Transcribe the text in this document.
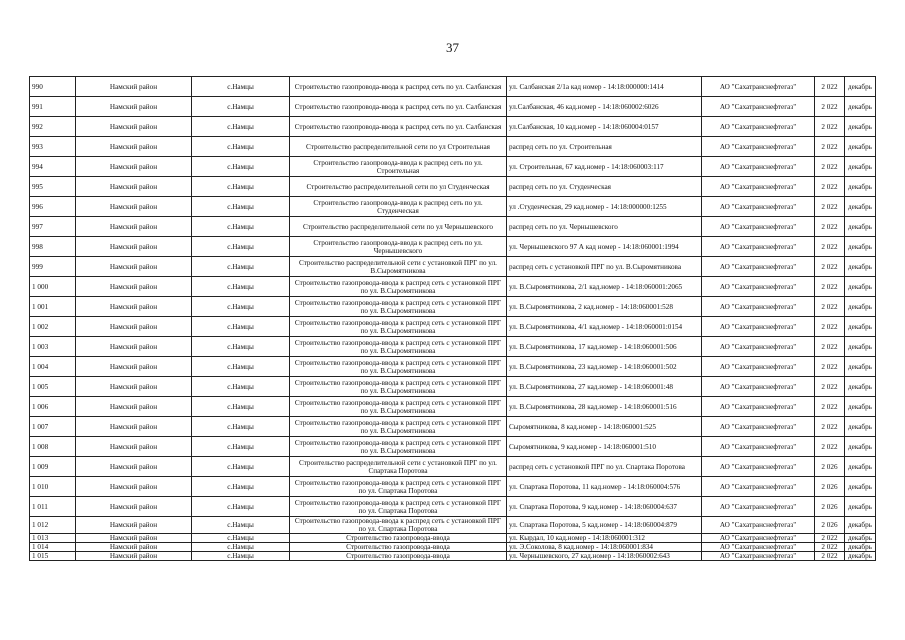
37
990	Намский район	с.Намцы	Строительство газопровода-ввода к распред сеть по ул. Салбанская	ул. Салбанская 2/1а кад номер - 14:18:000000:1414	АО "Сахатранснефтегаз"	2 022	декабрь
991	Намский район	с.Намцы	Строительство газопровода-ввода к распред сеть по ул. Салбанская	ул.Салбанская, 46 кад.номер - 14:18:060002:6026	АО "Сахатранснефтегаз"	2 022	декабрь
992	Намский район	с.Намцы	Строительство газопровода-ввода к распред сеть по ул. Салбанская	ул.Салбанская, 10 кад.номер - 14:18:060004:0157	АО "Сахатранснефтегаз"	2 022	декабрь
993	Намский район	с.Намцы	Строительство распределительной сети по ул Строительная	распред сеть по ул. Строительная	АО "Сахатранснефтегаз"	2 022	декабрь
994	Намский район	с.Намцы	Строительство газопровода-ввода к распред сеть по ул. Строительная	ул. Строительная, 67 кад.номер - 14:18:060003:117	АО "Сахатранснефтегаз"	2 022	декабрь
995	Намский район	с.Намцы	Строительство распределительной сети по ул Студенческая	распред сеть по ул. Студенческая	АО "Сахатранснефтегаз"	2 022	декабрь
996	Намский район	с.Намцы	Строительство газопровода-ввода к распред сеть по ул. Студенческая	ул .Студенческая, 29 кад.номер - 14:18:000000:1255	АО "Сахатранснефтегаз"	2 022	декабрь
997	Намский район	с.Намцы	Строительство распределительной сети по ул Чернышевского	распред сеть по ул. Чернышевского	АО "Сахатранснефтегаз"	2 022	декабрь
998	Намский район	с.Намцы	Строительство газопровода-ввода к распред сеть по ул. Чернышевского	ул. Чернышевского 97 А кад номер - 14:18:060001:1994	АО "Сахатранснефтегаз"	2 022	декабрь
999	Намский район	с.Намцы	Строительство распределительной сети с установкой ПРГ по ул. В.Сыромятникова	распред сеть с установкой ПРГ по ул. В.Сыромятникова	АО "Сахатранснефтегаз"	2 022	декабрь
1 000	Намский район	с.Намцы	Строительство газопровода-ввода к распред сеть с установкой ПРГ по ул. В.Сыромятникова	ул. В.Сыромятникова, 2/1 кад.номер - 14:18:060001:2065	АО "Сахатранснефтегаз"	2 022	декабрь
1 001	Намский район	с.Намцы	Строительство газопровода-ввода к распред сеть с установкой ПРГ по ул. В.Сыромятникова	ул. В.Сыромятникова, 2 кад.номер - 14:18:060001:528	АО "Сахатранснефтегаз"	2 022	декабрь
1 002	Намский район	с.Намцы	Строительство газопровода-ввода к распред сеть с установкой ПРГ по ул. В.Сыромятникова	ул. В.Сыромятникова, 4/1 кад.номер - 14:18:060001:0154	АО "Сахатранснефтегаз"	2 022	декабрь
1 003	Намский район	с.Намцы	Строительство газопровода-ввода к распред сеть с установкой ПРГ по ул. В.Сыромятникова	ул. В.Сыромятникова, 17 кад.номер - 14:18:060001:506	АО "Сахатранснефтегаз"	2 022	декабрь
1 004	Намский район	с.Намцы	Строительство газопровода-ввода к распред сеть с установкой ПРГ по ул. В.Сыромятникова	ул. В.Сыромятникова, 23 кад.номер - 14:18:060001:502	АО "Сахатранснефтегаз"	2 022	декабрь
1 005	Намский район	с.Намцы	Строительство газопровода-ввода к распред сеть с установкой ПРГ по ул. В.Сыромятникова	ул. В.Сыромятникова, 27 кад.номер - 14:18:060001:48	АО "Сахатранснефтегаз"	2 022	декабрь
1 006	Намский район	с.Намцы	Строительство газопровода-ввода к распред сеть с установкой ПРГ по ул. В.Сыромятникова	ул. В.Сыромятникова, 28 кад.номер - 14:18:060001:516	АО "Сахатранснефтегаз"	2 022	декабрь
1 007	Намский район	с.Намцы	Строительство газопровода-ввода к распред сеть с установкой ПРГ по ул. В.Сыромятникова	Сыромятникова, 8 кад.номер - 14:18:060001:525	АО "Сахатранснефтегаз"	2 022	декабрь
1 008	Намский район	с.Намцы	Строительство газопровода-ввода к распред сеть с установкой ПРГ по ул. В.Сыромятникова	Сыромятникова, 9 кад.номер - 14:18:060001:510	АО "Сахатранснефтегаз"	2 022	декабрь
1 009	Намский район	с.Намцы	Строительство распределительной сети с установкой ПРГ по ул. Спартака Поротова	распред сеть с установкой ПРГ по ул. Спартака Поротова	АО "Сахатранснефтегаз"	2 026	декабрь
1 010	Намский район	с.Намцы	Строительство газопровода-ввода к распред сеть с установкой ПРГ по ул. Спартака Поротова	ул. Спартака Поротова, 11 кад.номер - 14:18:060004:576	АО "Сахатранснефтегаз"	2 026	декабрь
1 011	Намский район	с.Намцы	Строительство газопровода-ввода к распред сеть с установкой ПРГ по ул. Спартака Поротова	ул. Спартака Поротова, 9 кад.номер - 14:18:060004:637	АО "Сахатранснефтегаз"	2 026	декабрь
1 012	Намский район	с.Намцы	Строительство газопровода-ввода к распред сеть с установкой ПРГ по ул. Спартака Поротова	ул. Спартака Поротова, 5 кад.номер - 14:18:060004:879	АО "Сахатранснефтегаз"	2 026	декабрь
1 013	Намский район	с.Намцы	Строительство газопровода-ввода	ул. Кырдал, 10 кад.номер - 14:18:060001:312	АО "Сахатранснефтегаз"	2 022	декабрь
1 014	Намский район	с.Намцы	Строительство газопровода-ввода	ул. Э.Соколова, 8 кад.номер - 14:18:060001:834	АО "Сахатранснефтегаз"	2 022	декабрь
1 015	Намский район	с.Намцы	Строительство газопровода-ввода	ул. Чернышевского, 27 кад.номер - 14:18:060002:643	АО "Сахатранснефтегаз"	2 022	декабрь
